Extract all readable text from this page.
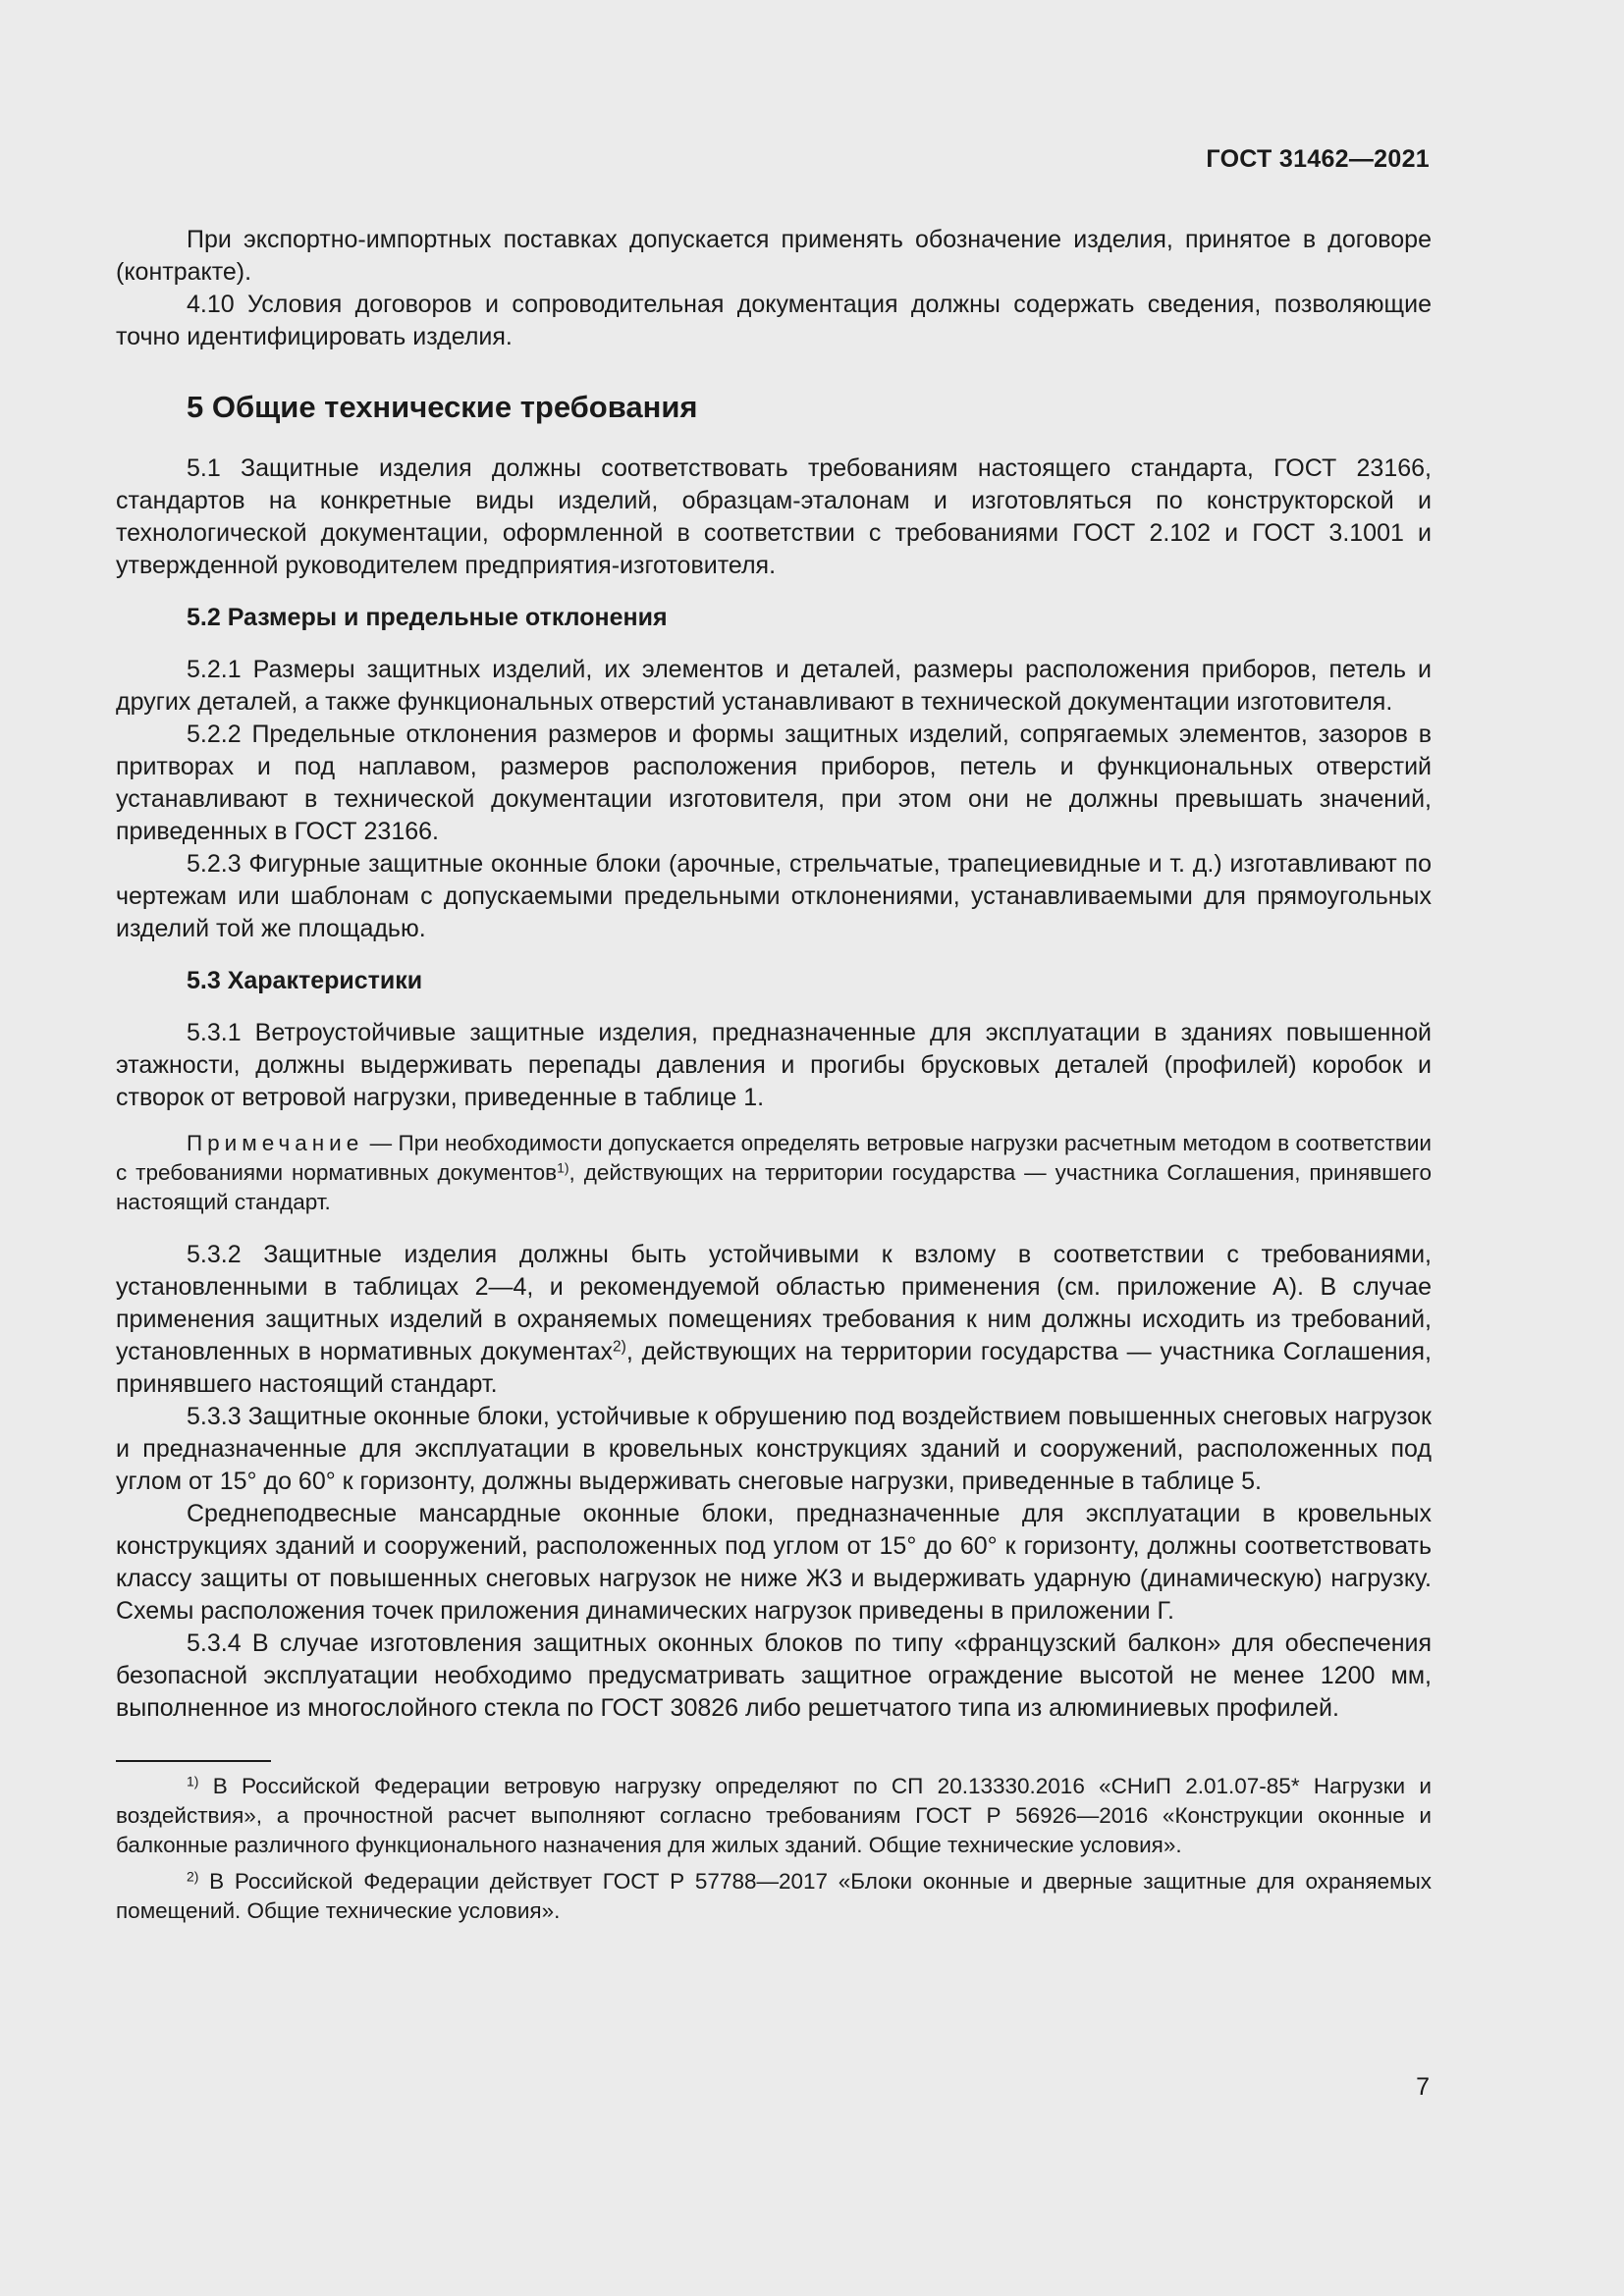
ГОСТ 31462—2021

При экспортно-импортных поставках допускается применять обозначение изделия, принятое в договоре (контракте).

4.10 Условия договоров и сопроводительная документация должны содержать сведения, позволяющие точно идентифицировать изделия.

5 Общие технические требования

5.1 Защитные изделия должны соответствовать требованиям настоящего стандарта, ГОСТ 23166, стандартов на конкретные виды изделий, образцам-эталонам и изготовляться по конструкторской и технологической документации, оформленной в соответствии с требованиями ГОСТ 2.102 и ГОСТ 3.1001 и утвержденной руководителем предприятия-изготовителя.

5.2 Размеры и предельные отклонения

5.2.1 Размеры защитных изделий, их элементов и деталей, размеры расположения приборов, петель и других деталей, а также функциональных отверстий устанавливают в технической документации изготовителя.

5.2.2 Предельные отклонения размеров и формы защитных изделий, сопрягаемых элементов, зазоров в притворах и под наплавом, размеров расположения приборов, петель и функциональных отверстий устанавливают в технической документации изготовителя, при этом они не должны превышать значений, приведенных в ГОСТ 23166.

5.2.3 Фигурные защитные оконные блоки (арочные, стрельчатые, трапециевидные и т. д.) изготавливают по чертежам или шаблонам с допускаемыми предельными отклонениями, устанавливаемыми для прямоугольных изделий той же площадью.

5.3 Характеристики

5.3.1 Ветроустойчивые защитные изделия, предназначенные для эксплуатации в зданиях повышенной этажности, должны выдерживать перепады давления и прогибы брусковых деталей (профилей) коробок и створок от ветровой нагрузки, приведенные в таблице 1.

Примечание — При необходимости допускается определять ветровые нагрузки расчетным методом в соответствии с требованиями нормативных документов$^{1)}$, действующих на территории государства — участника Соглашения, принявшего настоящий стандарт.

5.3.2 Защитные изделия должны быть устойчивыми к взлому в соответствии с требованиями, установленными в таблицах 2—4, и рекомендуемой областью применения (см. приложение А). В случае применения защитных изделий в охраняемых помещениях требования к ним должны исходить из требований, установленных в нормативных документах$^{2)}$, действующих на территории государства — участника Соглашения, принявшего настоящий стандарт.

5.3.3 Защитные оконные блоки, устойчивые к обрушению под воздействием повышенных снеговых нагрузок и предназначенные для эксплуатации в кровельных конструкциях зданий и сооружений, расположенных под углом от 15° до 60° к горизонту, должны выдерживать снеговые нагрузки, приведенные в таблице 5.

Среднеподвесные мансардные оконные блоки, предназначенные для эксплуатации в кровельных конструкциях зданий и сооружений, расположенных под углом от 15° до 60° к горизонту, должны соответствовать классу защиты от повышенных снеговых нагрузок не ниже Ж3 и выдерживать ударную (динамическую) нагрузку. Схемы расположения точек приложения динамических нагрузок приведены в приложении Г.

5.3.4 В случае изготовления защитных оконных блоков по типу «французский балкон» для обеспечения безопасной эксплуатации необходимо предусматривать защитное ограждение высотой не менее 1200 мм, выполненное из многослойного стекла по ГОСТ 30826 либо решетчатого типа из алюминиевых профилей.

$^{1)}$ В Российской Федерации ветровую нагрузку определяют по СП 20.13330.2016 «СНиП 2.01.07-85* Нагрузки и воздействия», а прочностной расчет выполняют согласно требованиям ГОСТ Р 56926—2016 «Конструкции оконные и балконные различного функционального назначения для жилых зданий. Общие технические условия».

$^{2)}$ В Российской Федерации действует ГОСТ Р 57788—2017 «Блоки оконные и дверные защитные для охраняемых помещений. Общие технические условия».

7
